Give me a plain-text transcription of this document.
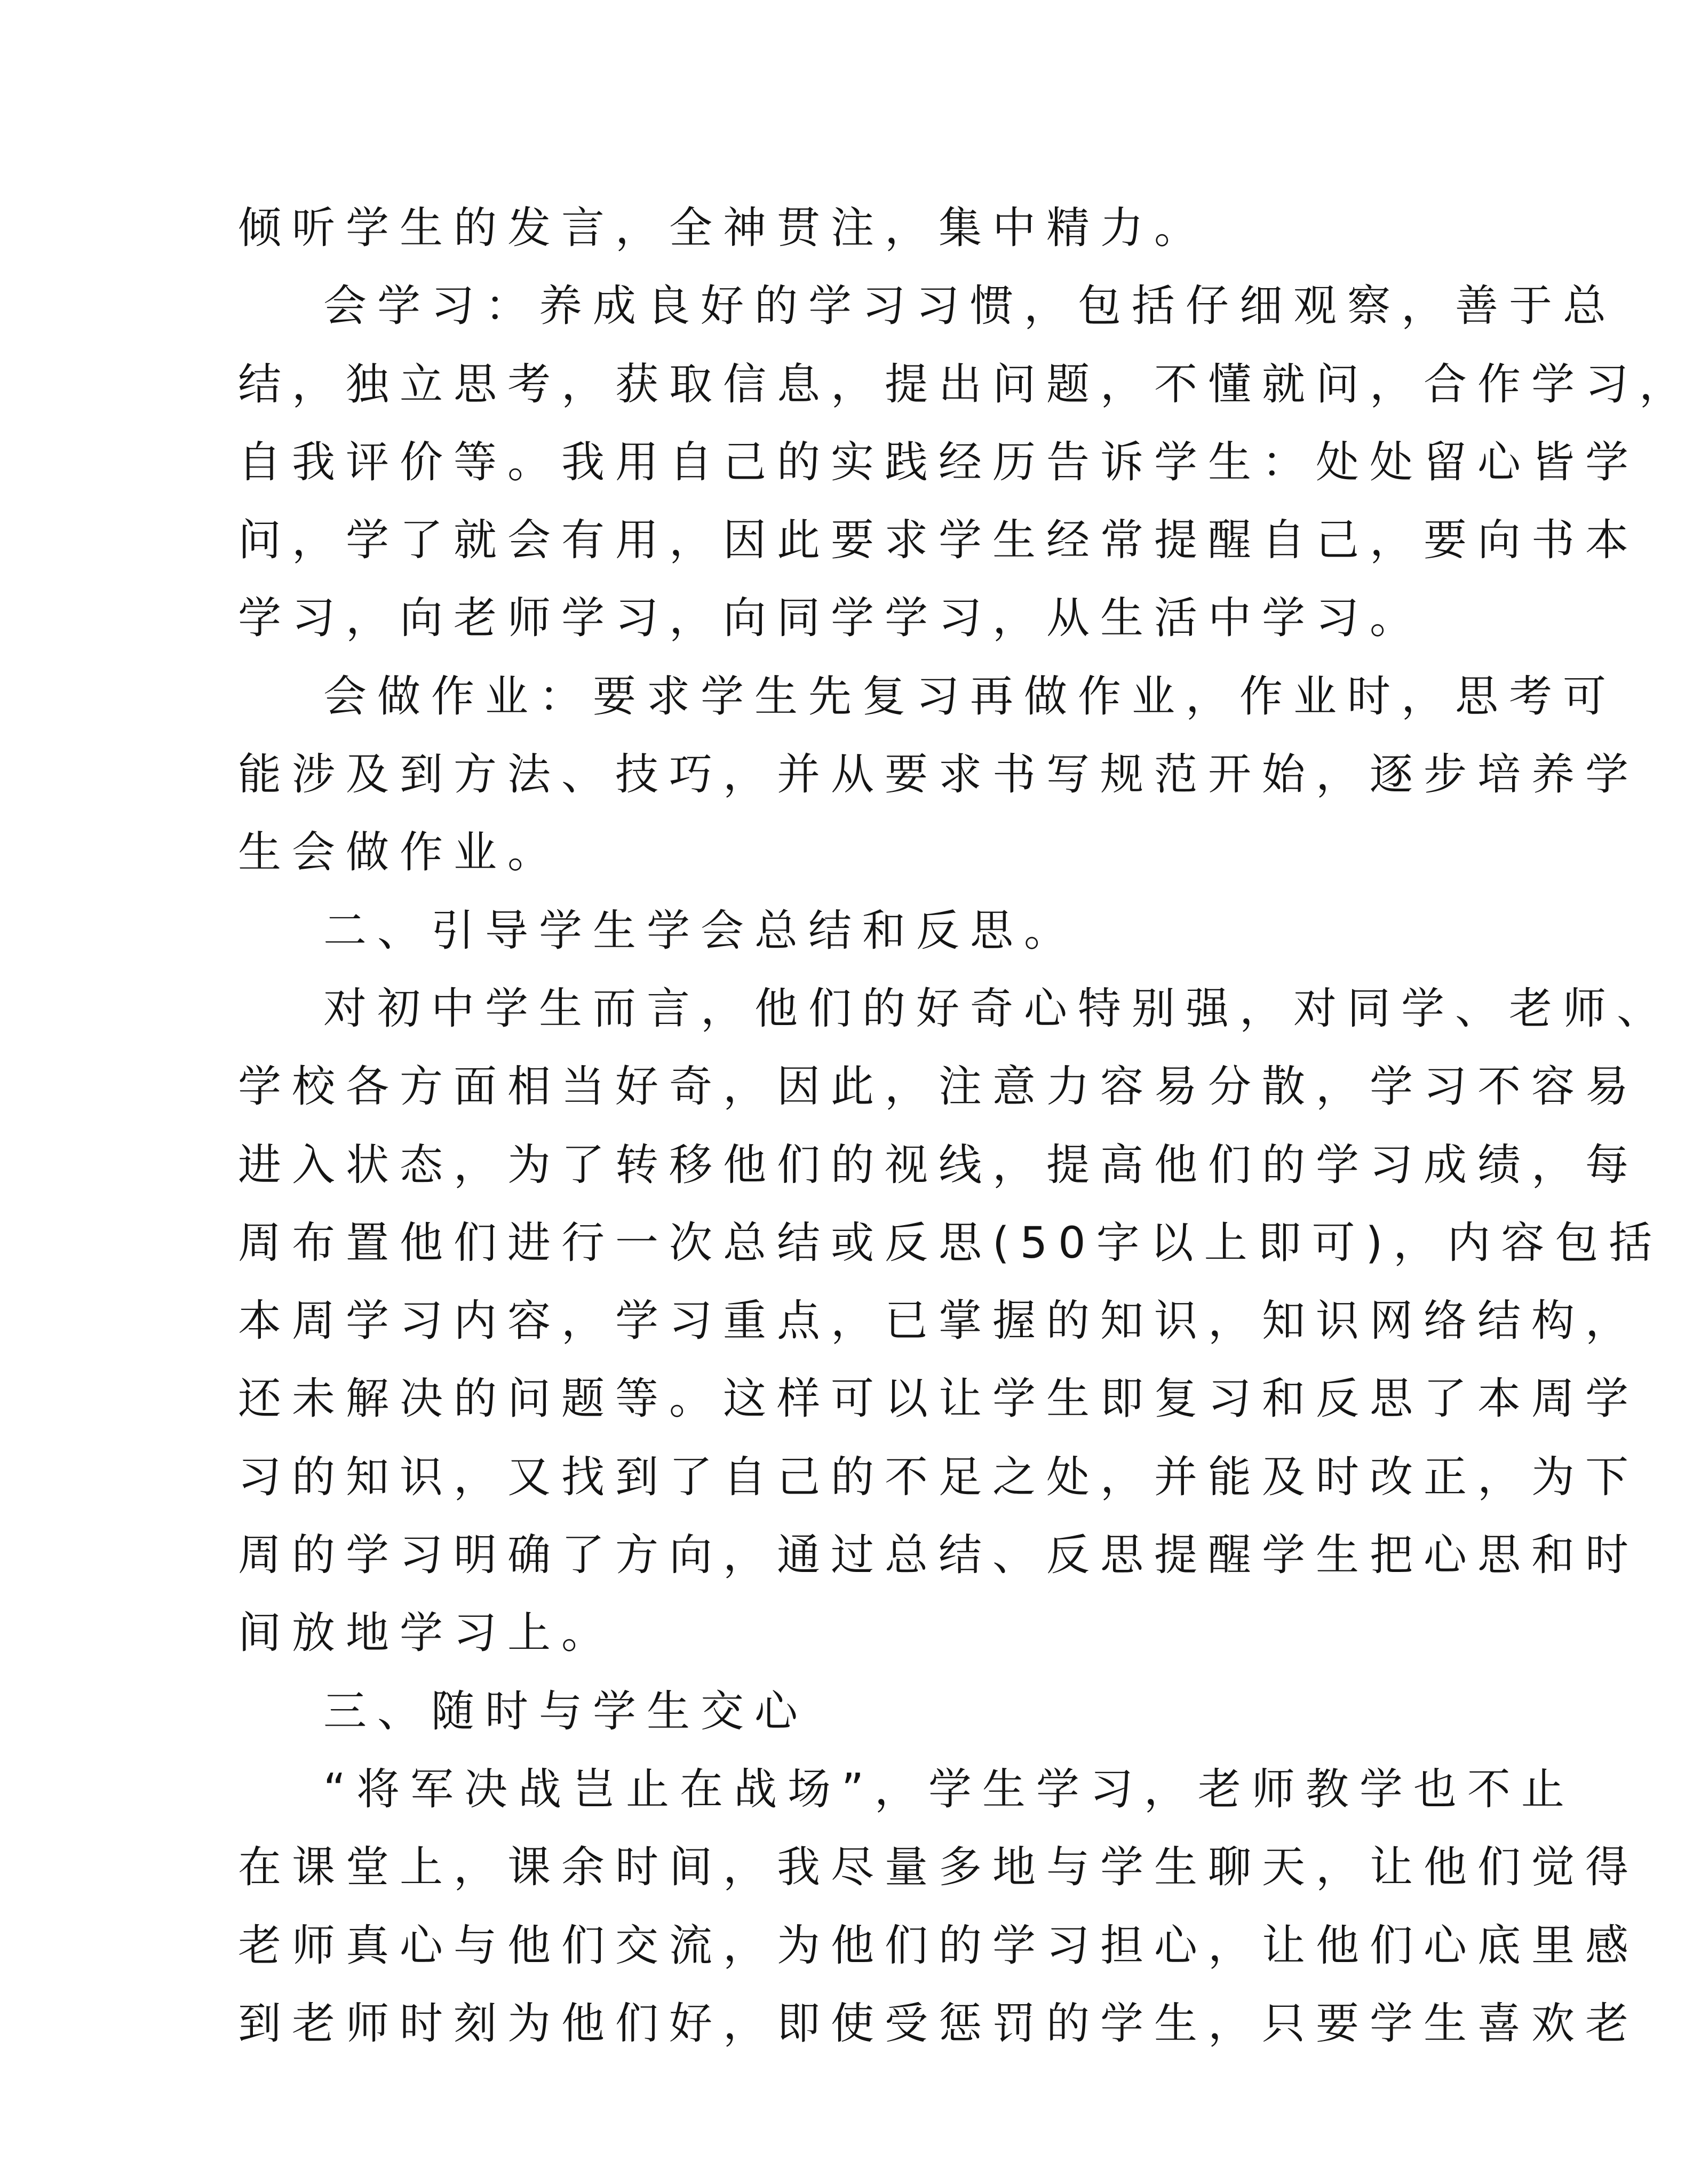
倾听学生的发言，全神贯注，集中精力。
会学习：养成良好的学习习惯，包括仔细观察，善于总
结，独立思考，获取信息，提出问题，不懂就问，合作学习，
自我评价等。我用自己的实践经历告诉学生：处处留心皆学
问，学了就会有用，因此要求学生经常提醒自己，要向书本
学习，向老师学习，向同学学习，从生活中学习。
会做作业：要求学生先复习再做作业，作业时，思考可
能涉及到方法、技巧，并从要求书写规范开始，逐步培养学
生会做作业。
二、引导学生学会总结和反思。
对初中学生而言，他们的好奇心特别强，对同学、老师、
学校各方面相当好奇，因此，注意力容易分散，学习不容易
进入状态，为了转移他们的视线，提高他们的学习成绩，每
周布置他们进行一次总结或反思(50字以上即可)，内容包括
本周学习内容，学习重点，已掌握的知识，知识网络结构，
还未解决的问题等。这样可以让学生即复习和反思了本周学
习的知识，又找到了自己的不足之处，并能及时改正，为下
周的学习明确了方向，通过总结、反思提醒学生把心思和时
间放地学习上。
三、随时与学生交心
“将军决战岂止在战场”，学生学习，老师教学也不止
在课堂上，课余时间，我尽量多地与学生聊天，让他们觉得
老师真心与他们交流，为他们的学习担心，让他们心底里感
到老师时刻为他们好，即使受惩罚的学生，只要学生喜欢老
